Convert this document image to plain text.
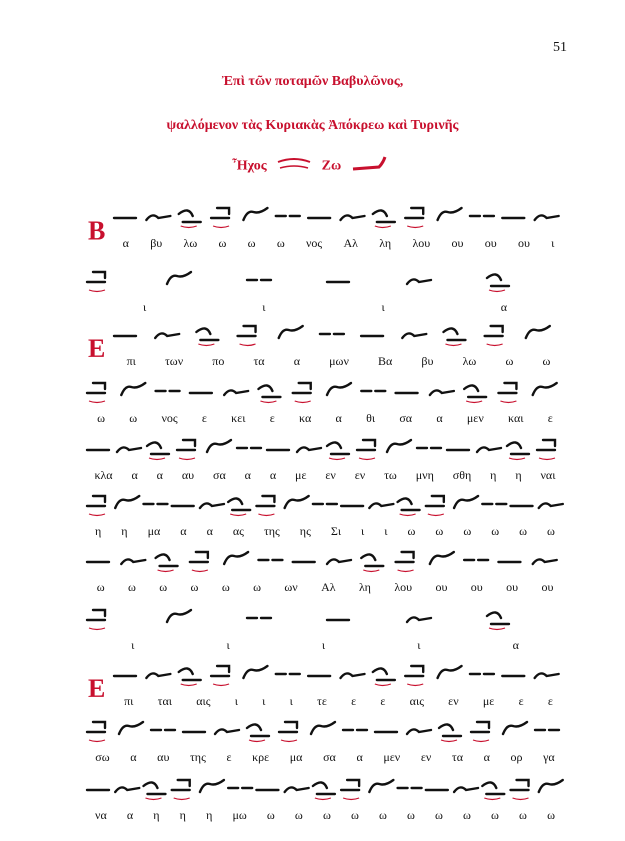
51
Ἐπὶ τῶν ποταμῶν Βαβυλῶνος,
ψαλλόμενον τὰς Κυριακὰς Ἀπόκρεω καὶ Τυρινῆς
Ἦχος	Ζω
Β	α	βυ	λω	ω	ω	ω	νος	Αλ	λη	λου	ου	ου	ου	ι
ι	ι	ι	α
Ε	πι	των	πο	τα	α	μων	Βα	βυ	λω	ω	ω
ω	ω	νος	ε	κει	ε	κα	α	θι	σα	α	μεν	και	ε
κλα	α	α	αυ	σα	α	α	με	εν	εν	τω	μνη	σθη	η	η	ναι
η	η	μα	α	α	ας	της	ης	Σι	ι	ι	ω	ω	ω	ω	ω	ω
ω	ω	ω	ω	ω	ω	ων	Αλ	λη	λου	ου	ου	ου	ου
ι	ι	ι	ι	α
Ε	πι	ται	αις	ι	ι	ι	τε	ε	ε	αις	εν	με	ε	ε
σω	α	αυ	της	ε	κρε	μα	σα	α	μεν	εν	τα	α	ορ	γα
να	α	η	η	η	μω	ω	ω	ω	ω	ω	ω	ω	ω	ω	ω	ω
